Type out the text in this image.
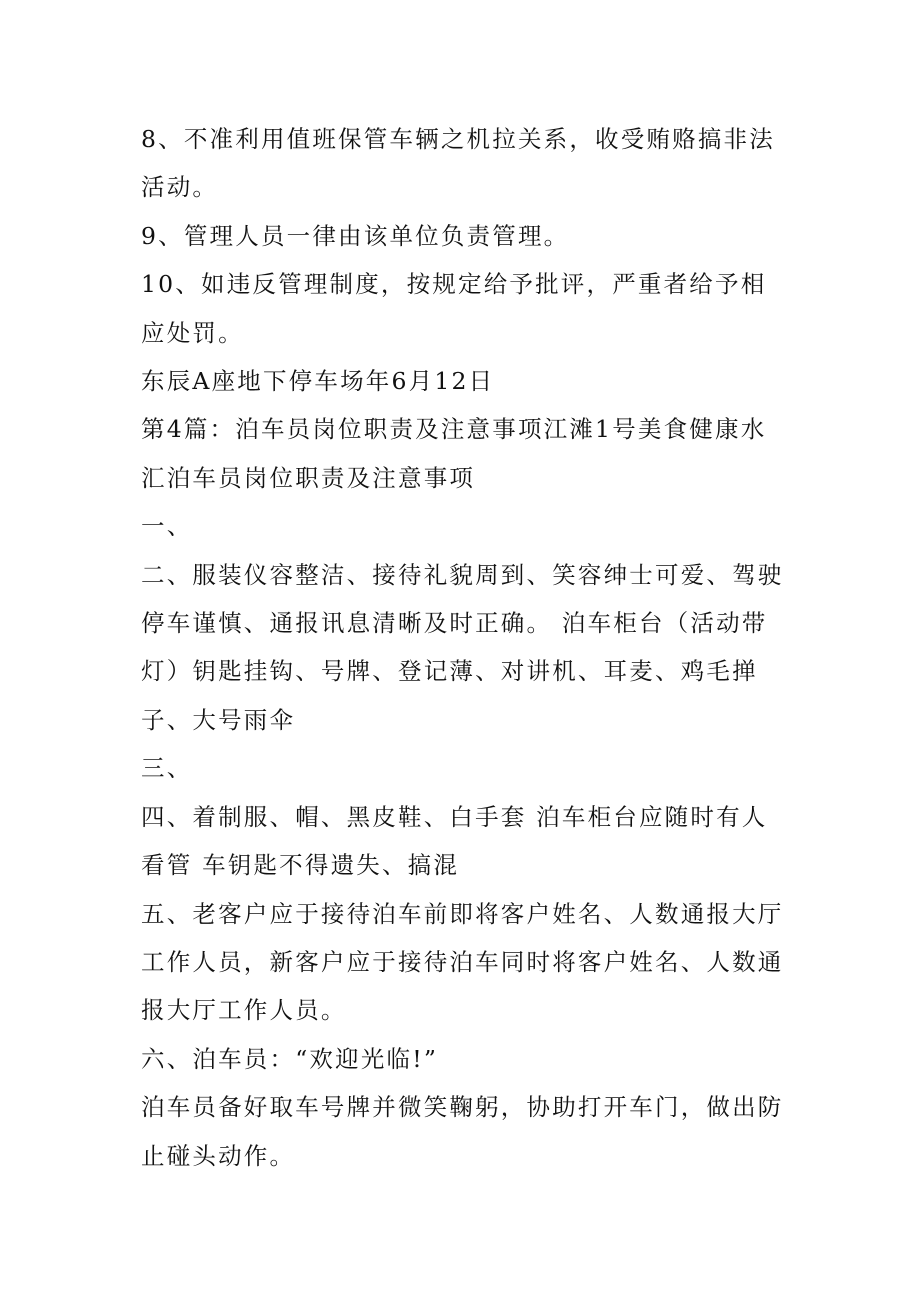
8、不准利用值班保管车辆之机拉关系，收受贿赂搞非法活动。

9、管理人员一律由该单位负责管理。

10、如违反管理制度，按规定给予批评，严重者给予相应处罚。

东辰A座地下停车场年6月12日

第4篇：泊车员岗位职责及注意事项江滩1号美食健康水汇泊车员岗位职责及注意事项

一、

二、服装仪容整洁、接待礼貌周到、笑容绅士可爱、驾驶停车谨慎、通报讯息清晰及时正确。 泊车柜台（活动带灯）钥匙挂钩、号牌、登记薄、对讲机、耳麦、鸡毛掸子、大号雨伞

三、

四、着制服、帽、黑皮鞋、白手套 泊车柜台应随时有人看管 车钥匙不得遗失、搞混

五、老客户应于接待泊车前即将客户姓名、人数通报大厅工作人员，新客户应于接待泊车同时将客户姓名、人数通报大厅工作人员。

六、泊车员：“欢迎光临!”

泊车员备好取车号牌并微笑鞠躬，协助打开车门，做出防止碰头动作。
